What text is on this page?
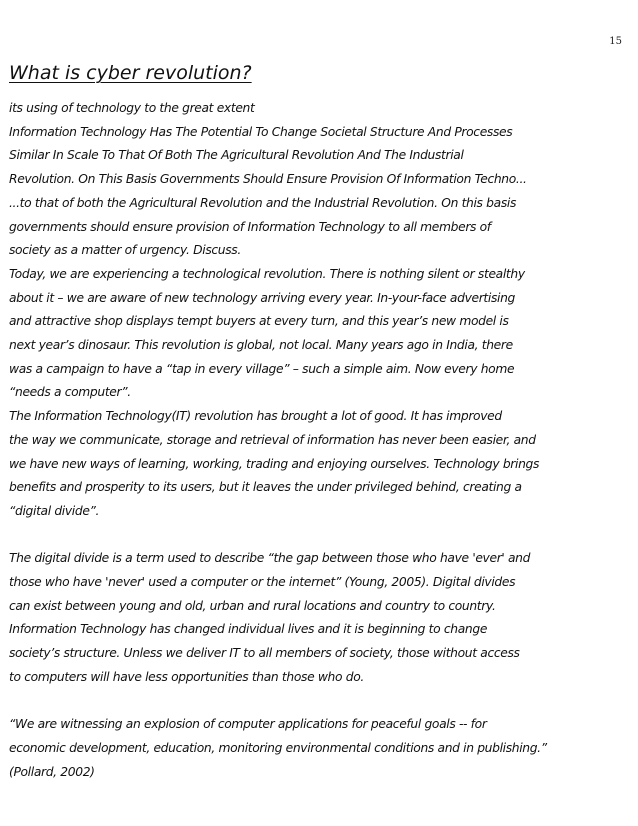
15
What is cyber revolution?

its using of technology to the great extent

Information Technology Has The Potential To Change Societal Structure And Processes

Similar In Scale To That Of Both The Agricultural Revolution And The Industrial

Revolution. On This Basis Governments Should Ensure Provision Of Information Techno...

...to that of both the Agricultural Revolution and the Industrial Revolution. On this basis

governments should ensure provision of Information Technology to all members of

society as a matter of urgency. Discuss.

Today, we are experiencing a technological revolution. There is nothing silent or stealthy

about it – we are aware of new technology arriving every year. In-your-face advertising

and attractive shop displays tempt buyers at every turn, and this year’s new model is

next year’s dinosaur. This revolution is global, not local. Many years ago in India, there

was a campaign to have a “tap in every village” – such a simple aim. Now every home

“needs a computer”.

The Information Technology(IT) revolution has brought a lot of good. It has improved

the way we communicate, storage and retrieval of information has never been easier, and

we have new ways of learning, working, trading and enjoying ourselves. Technology brings

benefits and prosperity to its users, but it leaves the under privileged behind, creating a

“digital divide”.

The digital divide is a term used to describe “the gap between those who have 'ever' and

those who have 'never' used a computer or the internet” (Young, 2005). Digital divides

can exist between young and old, urban and rural locations and country to country.

Information Technology has changed individual lives and it is beginning to change

society’s structure. Unless we deliver IT to all members of society, those without access

to computers will have less opportunities than those who do.

“We are witnessing an explosion of computer applications for peaceful goals -- for

economic development, education, monitoring environmental conditions and in publishing.”

(Pollard, 2002)
